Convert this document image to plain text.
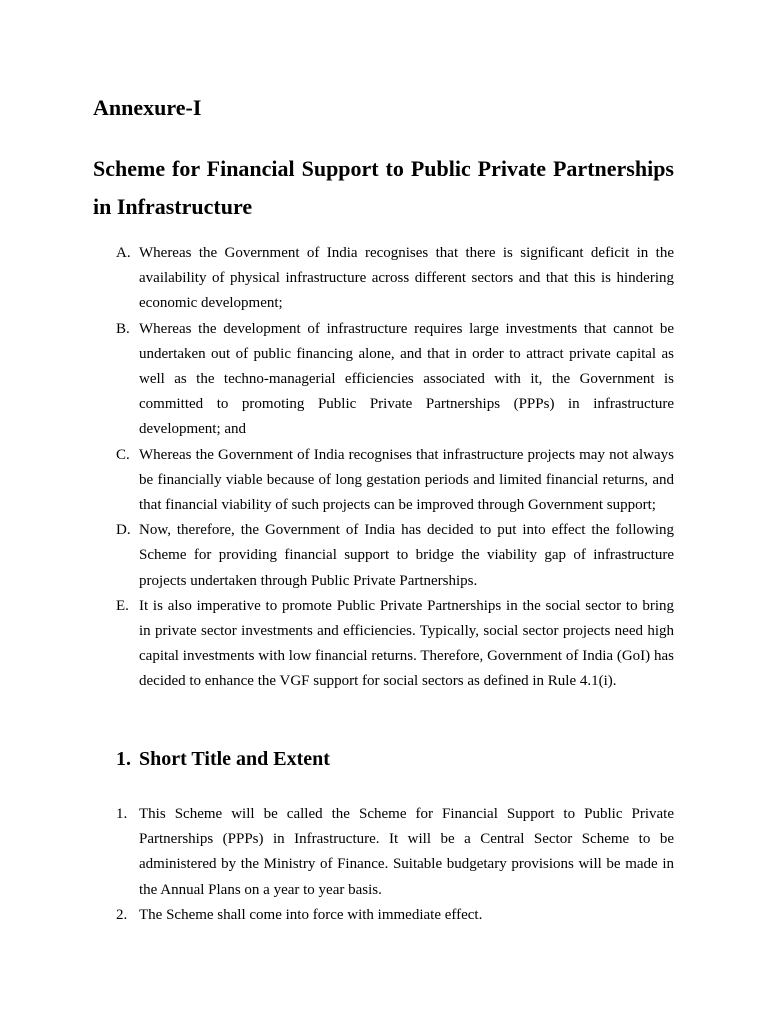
Annexure-I
Scheme for Financial Support to Public Private Partnerships in Infrastructure
A. Whereas the Government of India recognises that there is significant deficit in the availability of physical infrastructure across different sectors and that this is hindering economic development;
B. Whereas the development of infrastructure requires large investments that cannot be undertaken out of public financing alone, and that in order to attract private capital as well as the techno-managerial efficiencies associated with it, the Government is committed to promoting Public Private Partnerships (PPPs) in infrastructure development; and
C. Whereas the Government of India recognises that infrastructure projects may not always be financially viable because of long gestation periods and limited financial returns, and that financial viability of such projects can be improved through Government support;
D. Now, therefore, the Government of India has decided to put into effect the following Scheme for providing financial support to bridge the viability gap of infrastructure projects undertaken through Public Private Partnerships.
E. It is also imperative to promote Public Private Partnerships in the social sector to bring in private sector investments and efficiencies. Typically, social sector projects need high capital investments with low financial returns. Therefore, Government of India (GoI) has decided to enhance the VGF support for social sectors as defined in Rule 4.1(i).
1. Short Title and Extent
1. This Scheme will be called the Scheme for Financial Support to Public Private Partnerships (PPPs) in Infrastructure. It will be a Central Sector Scheme to be administered by the Ministry of Finance. Suitable budgetary provisions will be made in the Annual Plans on a year to year basis.
2. The Scheme shall come into force with immediate effect.
